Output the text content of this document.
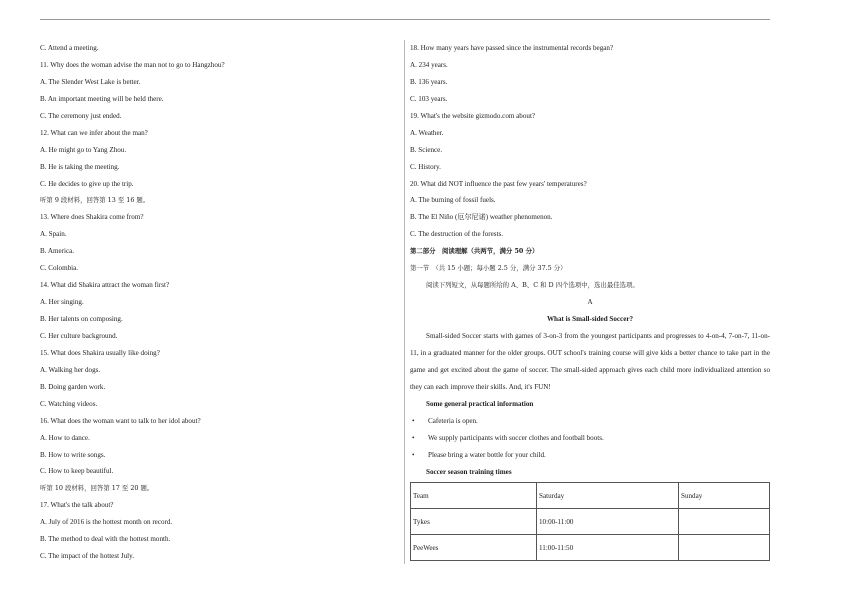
C. Attend a meeting.
11. Why does the woman advise the man not to go to Hangzhou?
A. The Slender West Lake is better.
B. An important meeting will be held there.
C. The ceremony just ended.
12. What can we infer about the man?
A. He might go to Yang Zhou.
B. He is taking the meeting.
C. He decides to give up the trip.
听第 9 段材料，回答第 13 至 16 题。
13. Where does Shakira come from?
A. Spain.
B. America.
C. Colombia.
14. What did Shakira attract the woman first?
A. Her singing.
B. Her talents on composing.
C. Her culture background.
15. What does Shakira usually like doing?
A. Walking her dogs.
B. Doing garden work.
C. Watching videos.
16. What does the woman want to talk to her idol about?
A. How to dance.
B. How to write songs.
C. How to keep beautiful.
听第 10 段材料，回答第 17 至 20 题。
17. What's the talk about?
A. July of 2016 is the hottest month on record.
B. The method to deal with the hottest month.
C. The impact of the hottest July.
18. How many years have passed since the instrumental records began?
A. 234 years.
B. 136 years.
C. 103 years.
19. What's the website gizmodo.com about?
A. Weather.
B. Science.
C. History.
20. What did NOT influence the past few years' temperatures?
A. The burning of fossil fuels.
B. The El Niño (厄尔尼诺) weather phenomenon.
C. The destruction of the forests.
第二部分　阅读理解（共两节，满分 50 分）
第一节　（共 15 小题；每小题 2.5 分，满分 37.5 分）
阅读下列短文，从每题所给的 A、B、C 和 D 四个选项中，选出最佳选项。
A
What is Small-sided Soccer?
Small-sided Soccer starts with games of 3-on-3 from the youngest participants and progresses to 4-on-4, 7-on-7, 11-on-11, in a graduated manner for the older groups. OUT school's training course will give kids a better chance to take part in the game and get excited about the game of soccer. The small-sided approach gives each child more individualized attention so they can each improve their skills. And, it's FUN!
Some general practical information
•	Cafeteria is open.
•	We supply participants with soccer clothes and football boots.
•	Please bring a water bottle for your child.
Soccer season training times
Team	Saturday	Sunday
Tykes	10:00-11:00	
PeeWees	11:00-11:50	
